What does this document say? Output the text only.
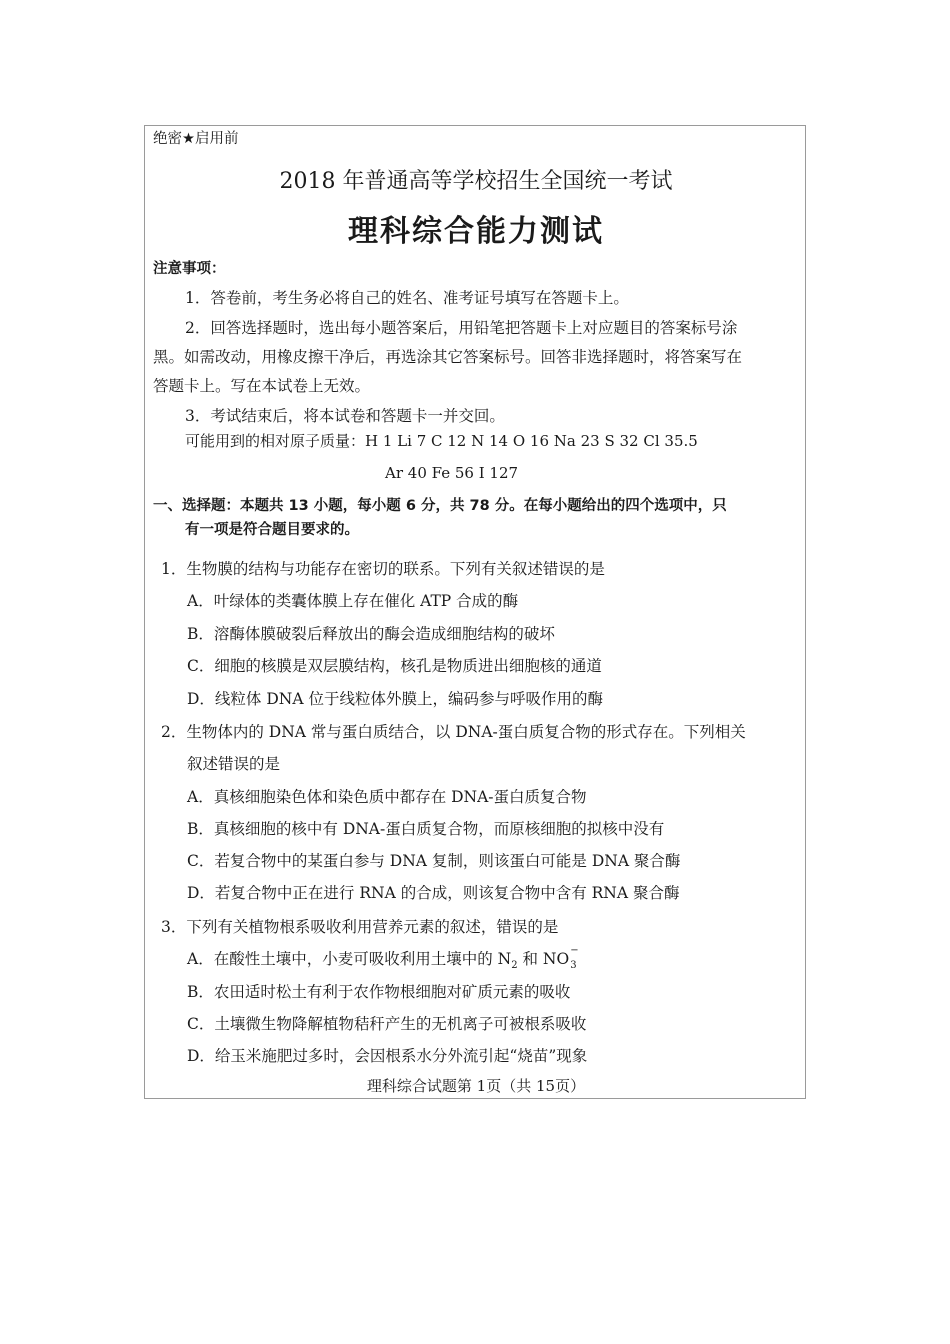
绝密★启用前
2018 年普通高等学校招生全国统一考试
理科综合能力测试
注意事项：
1．答卷前，考生务必将自己的姓名、准考证号填写在答题卡上。
2．回答选择题时，选出每小题答案后，用铅笔把答题卡上对应题目的答案标号涂
黑。如需改动，用橡皮擦干净后，再选涂其它答案标号。回答非选择题时，将答案写在
答题卡上。写在本试卷上无效。
3．考试结束后，将本试卷和答题卡一并交回。
可能用到的相对原子质量：H 1 Li 7 C 12 N 14 O 16 Na 23 S 32 Cl 35.5
Ar 40 Fe 56 I 127
一、选择题：本题共 13 小题，每小题 6 分，共 78 分。在每小题给出的四个选项中，只
有一项是符合题目要求的。
1．生物膜的结构与功能存在密切的联系。下列有关叙述错误的是
A．叶绿体的类囊体膜上存在催化 ATP 合成的酶
B．溶酶体膜破裂后释放出的酶会造成细胞结构的破坏
C．细胞的核膜是双层膜结构，核孔是物质进出细胞核的通道
D．线粒体 DNA 位于线粒体外膜上，编码参与呼吸作用的酶
2．生物体内的 DNA 常与蛋白质结合，以 DNA-蛋白质复合物的形式存在。下列相关
叙述错误的是
A．真核细胞染色体和染色质中都存在 DNA-蛋白质复合物
B．真核细胞的核中有 DNA-蛋白质复合物，而原核细胞的拟核中没有
C．若复合物中的某蛋白参与 DNA 复制，则该蛋白可能是 DNA 聚合酶
D．若复合物中正在进行 RNA 的合成，则该复合物中含有 RNA 聚合酶
3．下列有关植物根系吸收利用营养元素的叙述，错误的是
A．在酸性土壤中，小麦可吸收利用土壤中的 $N_2$ 和 NO −
3
B．农田适时松土有利于农作物根细胞对矿质元素的吸收
C．土壤微生物降解植物秸秆产生的无机离子可被根系吸收
D．给玉米施肥过多时，会因根系水分外流引起“烧苗”现象
理科综合试题第 1页（共 15页）
